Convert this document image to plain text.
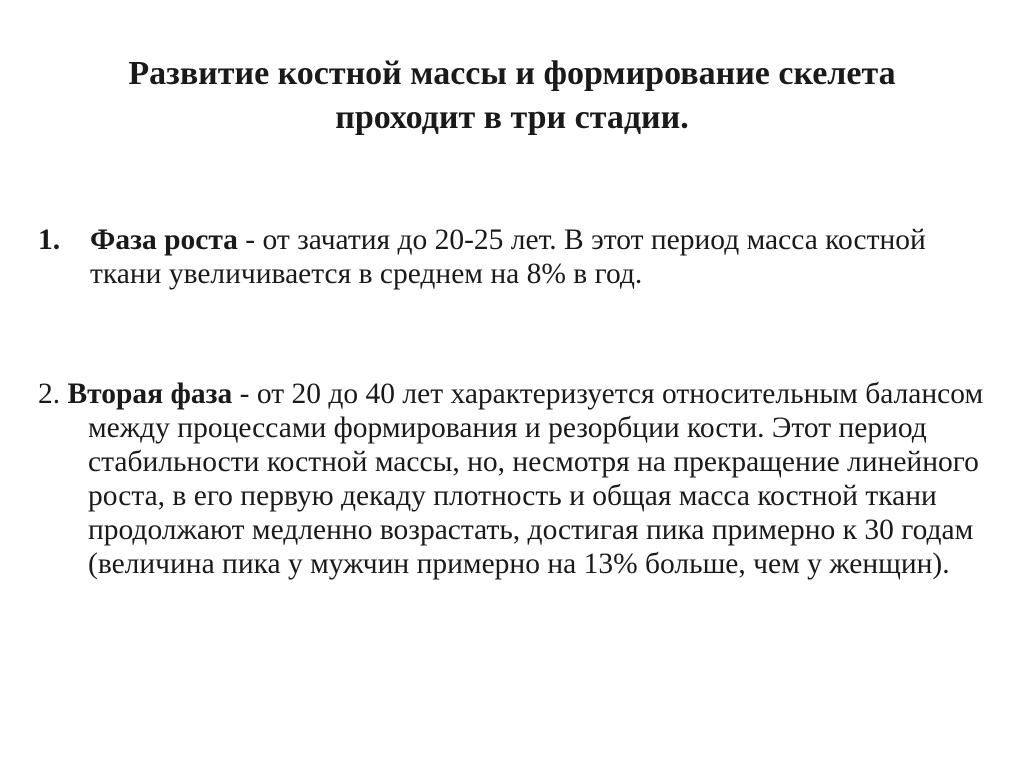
Развитие костной массы и формирование скелета
проходит в три стадии.
1. Фаза роста - от зачатия до 20-25 лет. В этот период масса костной ткани увеличивается в среднем на 8% в год.
2. Вторая фаза - от 20 до 40 лет характеризуется относительным балансом между процессами формирования и резорбции кости. Этот период стабильности костной массы, но, несмотря на прекращение линейного роста, в его первую декаду плотность и общая масса костной ткани продолжают медленно возрастать, достигая пика примерно к 30 годам (величина пика у мужчин примерно на 13% больше, чем у женщин).
